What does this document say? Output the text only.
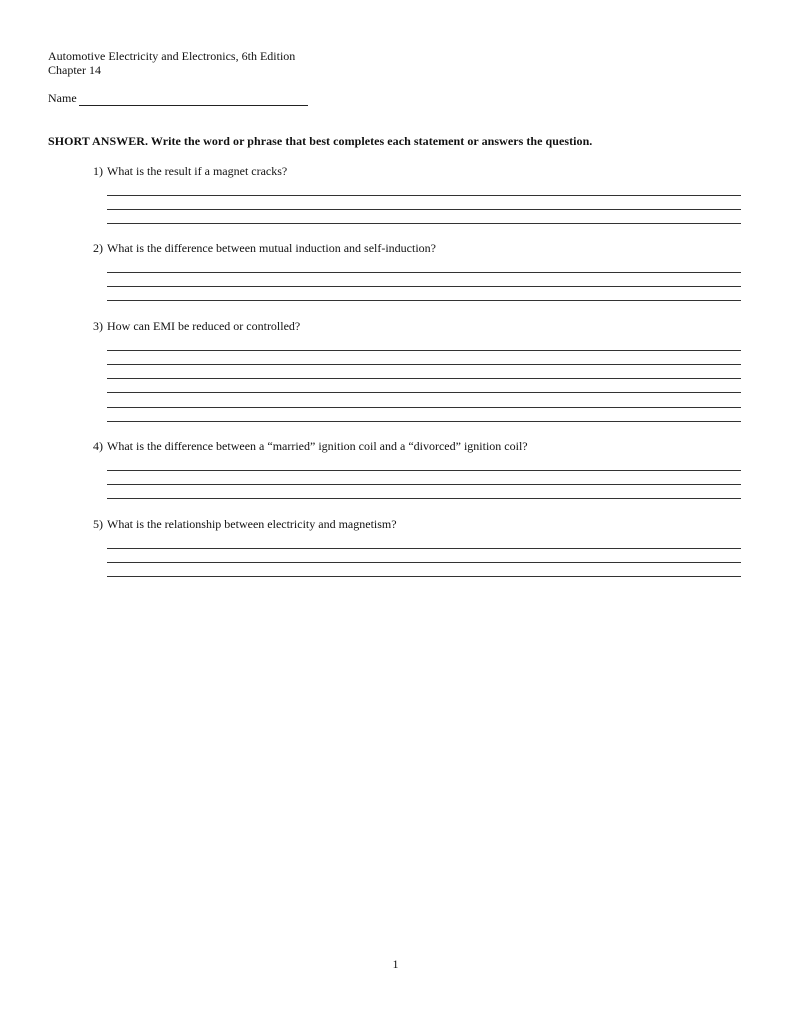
Automotive Electricity and Electronics, 6th Edition
Chapter 14
Name
SHORT ANSWER. Write the word or phrase that best completes each statement or answers the question.
1) What is the result if a magnet cracks?
2) What is the difference between mutual induction and self-induction?
3) How can EMI be reduced or controlled?
4) What is the difference between a “married” ignition coil and a “divorced” ignition coil?
5) What is the relationship between electricity and magnetism?
1
